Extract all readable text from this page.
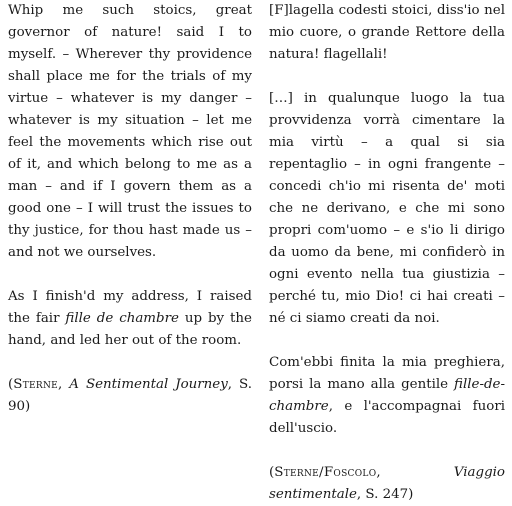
Whip me such stoics, great governor of nature! said I to myself. – Wherever thy providence shall place me for the trials of my virtue – whatever is my danger – whatever is my situation – let me feel the movements which rise out of it, and which belong to me as a man – and if I govern them as a good one – I will trust the issues to thy justice, for thou hast made us – and not we ourselves.

As I finish'd my address, I raised the fair fille de chambre up by the hand, and led her out of the room.

(Sterne, A Sentimental Journey, S. 90)

[F]lagella codesti stoici, diss'io nel mio cuore, o grande Rettore della natura! flagellali!

[…] in qualunque luogo la tua provvidenza vorrà cimentare la mia virtù – a qual si sia repentaglio – in ogni frangente – concedi ch'io mi risenta de' moti che ne derivano, e che mi sono propri com'uomo – e s'io li dirigo da uomo da bene, mi confiderò in ogni evento nella tua giustizia – perché tu, mio Dio! ci hai creati – né ci siamo creati da noi.

Com'ebbi finita la mia preghiera, porsi la mano alla gentile fille-de-chambre, e l'accompagnai fuori dell'uscio.

(Sterne/Foscolo, Viaggio sentimentale, S. 247)
